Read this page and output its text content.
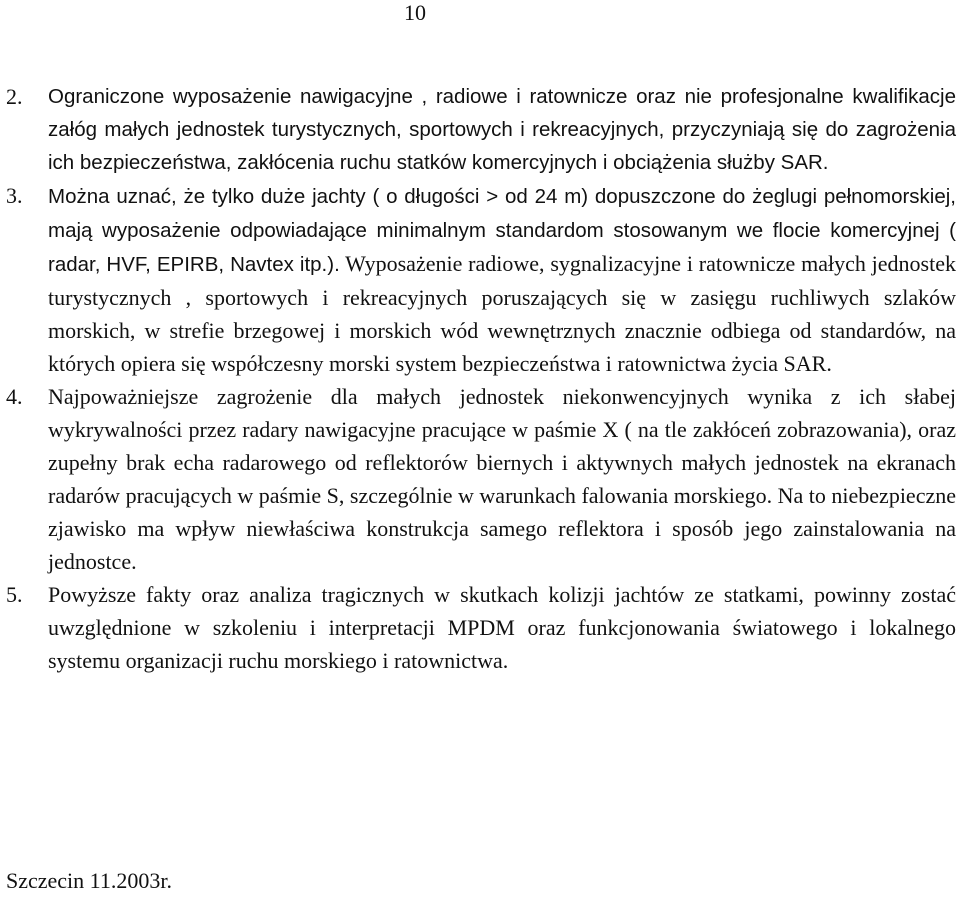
10
2. Ograniczone wyposażenie nawigacyjne , radiowe i ratownicze oraz nie profesjonalne kwalifikacje załóg małych jednostek turystycznych, sportowych i rekreacyjnych, przyczyniają się do zagrożenia ich bezpieczeństwa, zakłócenia ruchu statków komercyjnych i obciążenia służby SAR.

3. Można uznać, że tylko duże jachty ( o długości > od 24 m) dopuszczone do żeglugi pełnomorskiej, mają wyposażenie odpowiadające minimalnym standardom stosowanym we flocie komercyjnej ( radar, HVF, EPIRB, Navtex itp.). Wyposażenie radiowe, sygnalizacyjne i ratownicze małych jednostek turystycznych , sportowych i rekreacyjnych poruszających się w zasięgu ruchliwych szlaków morskich, w strefie brzegowej i morskich wód wewnętrznych znacznie odbiega od standardów, na których opiera się współczesny morski system bezpieczeństwa i ratownictwa życia SAR.

4. Najpoważniejsze zagrożenie dla małych jednostek niekonwencyjnych wynika z ich słabej wykrywalności przez radary nawigacyjne pracujące w paśmie X ( na tle zakłóceń zobrazowania), oraz zupełny brak echa radarowego od reflektorów biernych i aktywnych małych jednostek na ekranach radarów pracujących w paśmie S, szczególnie w warunkach falowania morskiego. Na to niebezpieczne zjawisko ma wpływ niewłaściwa konstrukcja samego reflektora i sposób jego zainstalowania na jednostce.

5. Powyższe fakty oraz analiza tragicznych w skutkach kolizji jachtów ze statkami, powinny zostać uwzględnione w szkoleniu i interpretacji MPDM oraz funkcjonowania światowego i lokalnego systemu organizacji ruchu morskiego i ratownictwa.

Szczecin 11.2003r.
